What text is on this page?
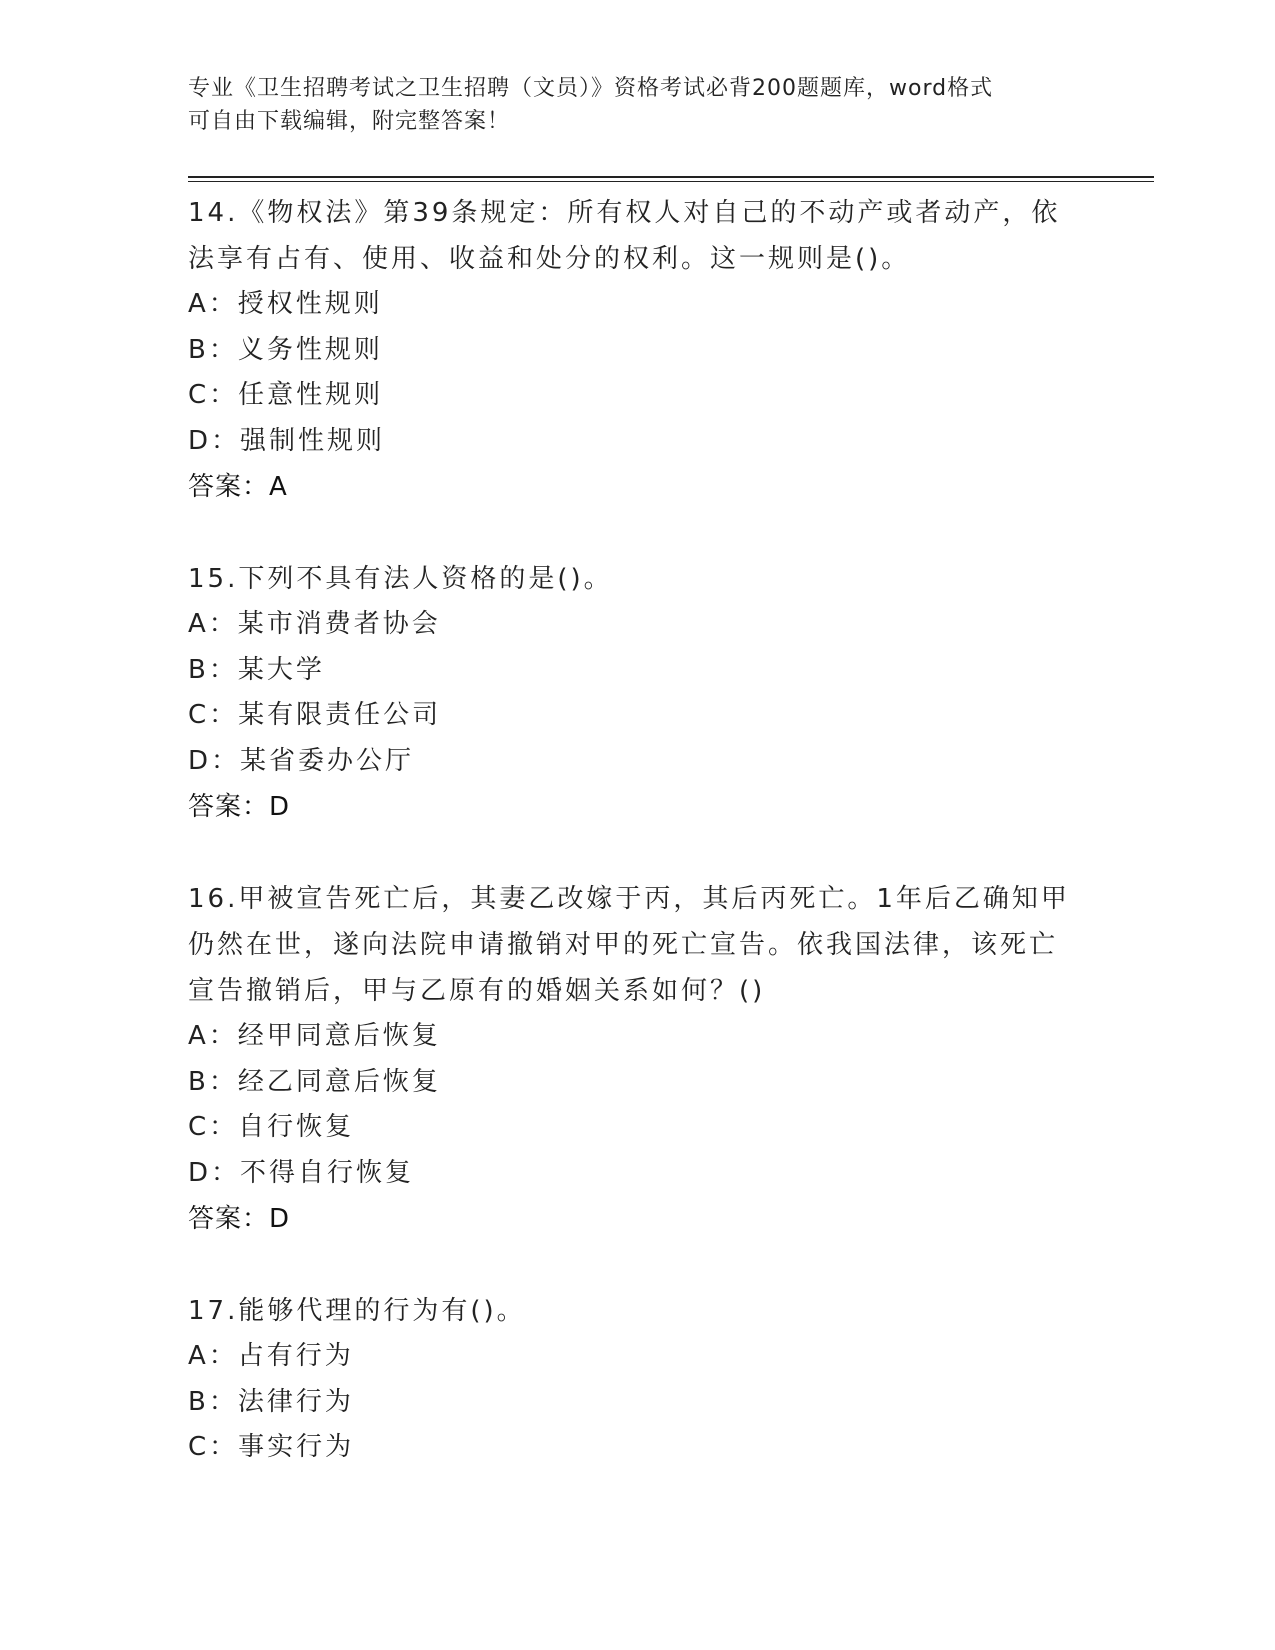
专业《卫生招聘考试之卫生招聘（文员）》资格考试必背200题题库，word格式
可自由下载编辑，附完整答案！
14.《物权法》第39条规定：所有权人对自己的不动产或者动产，依
法享有占有、使用、收益和处分的权利。这一规则是()。
A：授权性规则
B：义务性规则
C：任意性规则
D：强制性规则
答案：A
15.下列不具有法人资格的是()。
A：某市消费者协会
B：某大学
C：某有限责任公司
D：某省委办公厅
答案：D
16.甲被宣告死亡后，其妻乙改嫁于丙，其后丙死亡。1年后乙确知甲
仍然在世，遂向法院申请撤销对甲的死亡宣告。依我国法律，该死亡
宣告撤销后，甲与乙原有的婚姻关系如何？()
A：经甲同意后恢复
B：经乙同意后恢复
C：自行恢复
D：不得自行恢复
答案：D
17.能够代理的行为有()。
A：占有行为
B：法律行为
C：事实行为
